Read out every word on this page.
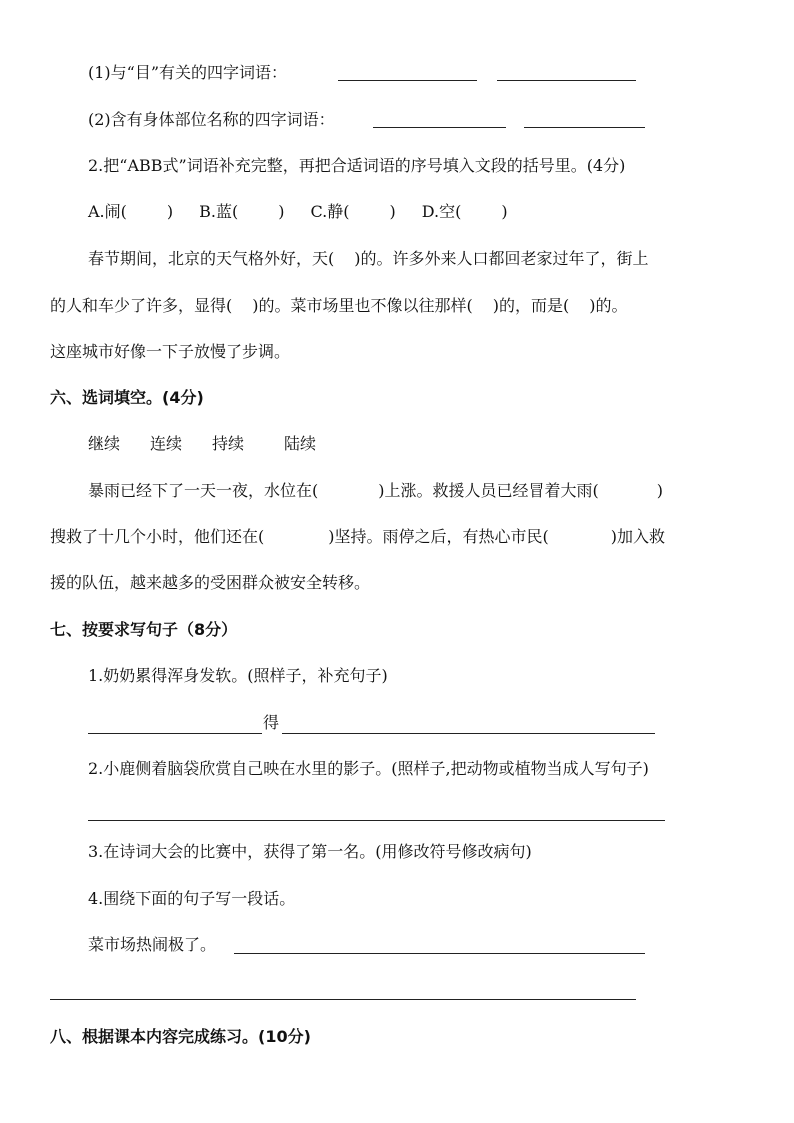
(1)与“目”有关的四字词语：
(2)含有身体部位名称的四字词语：
2.把“ABB式”词语补充完整，再把合适词语的序号填入文段的括号里。(4分)
A.闹(	) B.蓝(	) C.静(	) D.空(	)
春节期间，北京的天气格外好，天( )的。许多外来人口都回老家过年了，街上
的人和车少了许多，显得( )的。菜市场里也不像以往那样( )的，而是( )的。
这座城市好像一下子放慢了步调。
六、选词填空。(4分)
继续 连续 持续	陆续
暴雨已经下了一天一夜，水位在(	)上涨。救援人员已经冒着大雨(	)
搜救了十几个小时，他们还在(	)坚持。雨停之后，有热心市民(	)加入救
援的队伍，越来越多的受困群众被安全转移。
七、按要求写句子（8分）
1.奶奶累得浑身发软。(照样子，补充句子)
得
2.小鹿侧着脑袋欣赏自己映在水里的影子。(照样子,把动物或植物当成人写句子)
3.在诗词大会的比赛中，获得了第一名。(用修改符号修改病句)
4.围绕下面的句子写一段话。
菜市场热闹极了。
八、根据课本内容完成练习。(10分)
